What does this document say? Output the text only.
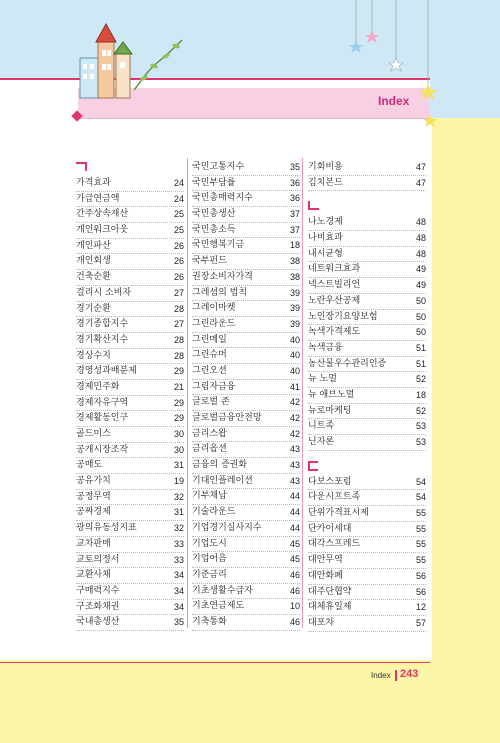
Index
가격효과	24
가급연금액	24
간주상속재산	25
개인워크아웃	25
개인파산	26
개인회생	26
건축순환	26
걸리시 소비자	27
경기순환	28
경기종합지수	27
경기확산지수	28
경상수지	28
경영성과배분제	29
경제민주화	21
경제자유구역	29
경제활동인구	29
골드미스	30
공개시장조작	30
공매도	31
공유가치	19
공정무역	32
공짜경제	31
광의유동성지표	32
교차판매	33
교토의정서	33
교환사채	34
구매력지수	34
구조화채권	34
국내총생산	35
국민고통지수	35
국민부담률	36
국민총매력지수	36
국민총생산	37
국민총소득	37
국민행복기금	18
국부펀드	38
권장소비자가격	38
그레셤의 법칙	39
그레이마켓	39
그린라운드	39
그린메일	40
그린슈머	40
그린오션	40
그림자금융	41
글로벌 존	42
글로벌금융안전망	42
금리스왑	42
금리옵션	43
금융의 증권화	43
기대인플레이션	43
기부채납	44
기술라운드	44
기업경기실사지수	44
기업도시	45
기업어음	45
기준금리	46
기초생활수급자	46
기초연금제도	10
기축통화	46
기회비용	47
김치본드	47
나노경제	48
나비효과	48
내시균형	48
네트워크효과	49
넥스트빌리언	49
노란우산공제	50
노인장기요양보험	50
녹색가격제도	50
녹색금융	51
농산물우수관리인증	51
뉴 노멀	52
뉴 애브노멀	18
뉴로마케팅	52
니트족	53
닌자론	53
다보스포럼	54
다운시프트족	54
단위가격표시제	55
단카이세대	55
대각스프레드	55
대안무역	55
대안화폐	56
대주단협약	56
대체휴일제	12
대포차	57
Index 243
